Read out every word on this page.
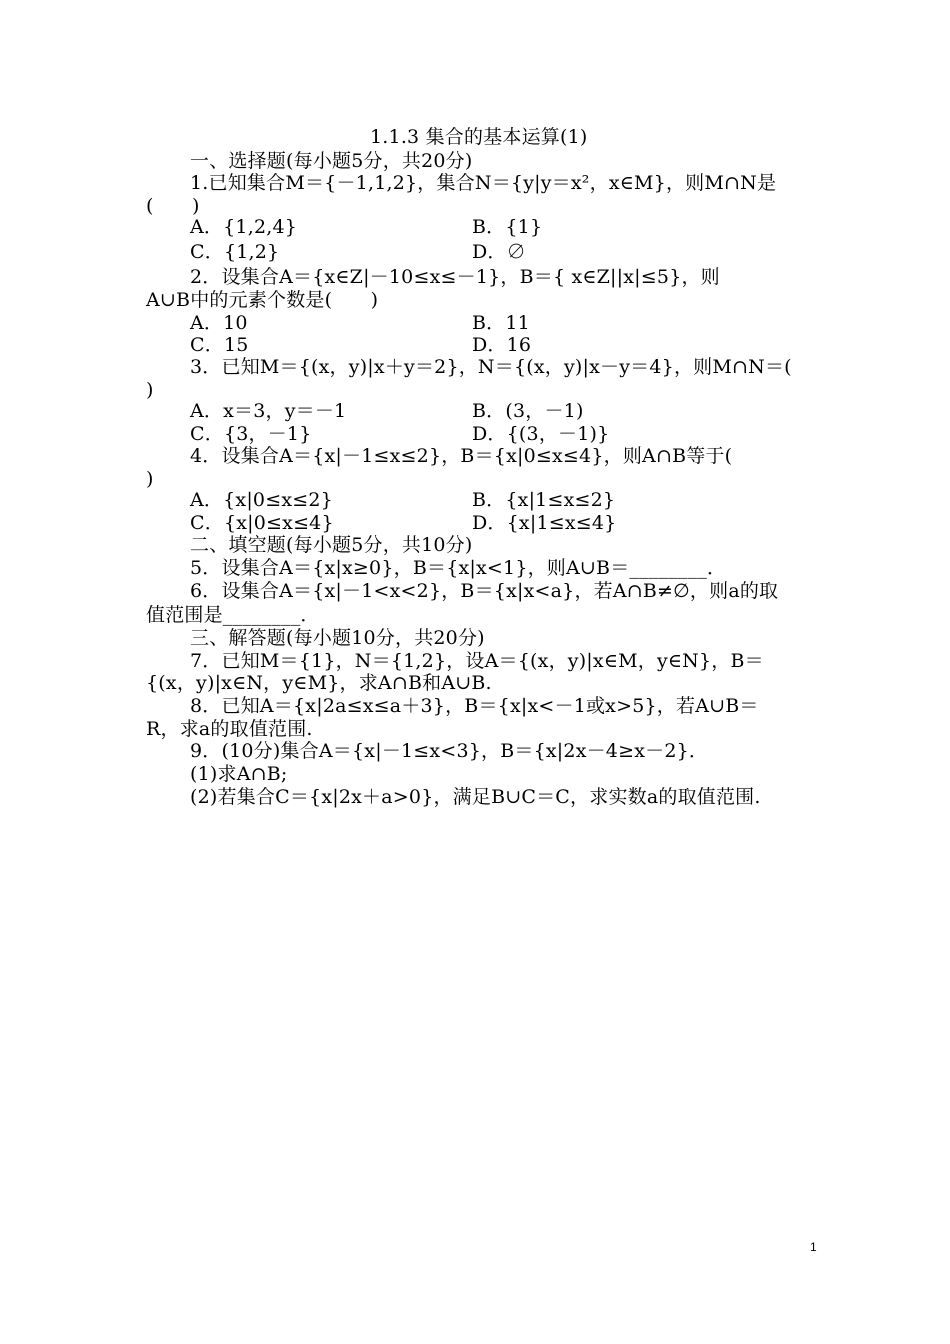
1.1.3 集合的基本运算(1)
一、选择题(每小题5分，共20分)
1.已知集合M＝{－1,1,2}，集合N＝{y|y＝x²，x∈M}，则M∩N是
(　　)
A．{1,2,4}	B．{1}
C．{1,2}	D．∅
2．设集合A＝{x∈Z|－10≤x≤－1}，B＝{ x∈Z||x|≤5}，则
A∪B中的元素个数是(　　)
A．10	B．11
C．15	D．16
3．已知M＝{(x，y)|x＋y＝2}，N＝{(x，y)|x－y＝4}，则M∩N＝(
)
A．x＝3，y＝－1	B．(3，－1)
C．{3，－1}	D．{(3，－1)}
4．设集合A＝{x|－1≤x≤2}，B＝{x|0≤x≤4}，则A∩B等于(
)
A．{x|0≤x≤2}	B．{x|1≤x≤2}
C．{x|0≤x≤4}	D．{x|1≤x≤4}
二、填空题(每小题5分，共10分)
5．设集合A＝{x|x≥0}，B＝{x|x<1}，则A∪B＝________．
6．设集合A＝{x|－1<x<2}，B＝{x|x<a}，若A∩B≠∅，则a的取
值范围是________．
三、解答题(每小题10分，共20分)
7．已知M＝{1}，N＝{1,2}，设A＝{(x，y)|x∈M，y∈N}，B＝
{(x，y)|x∈N，y∈M}，求A∩B和A∪B.
8．已知A＝{x|2a≤x≤a＋3}，B＝{x|x<－1或x>5}，若A∪B＝
R，求a的取值范围.
9．(10分)集合A＝{x|－1≤x<3}，B＝{x|2x－4≥x－2}．
(1)求A∩B;
(2)若集合C＝{x|2x＋a>0}，满足B∪C＝C，求实数a的取值范围.
1
